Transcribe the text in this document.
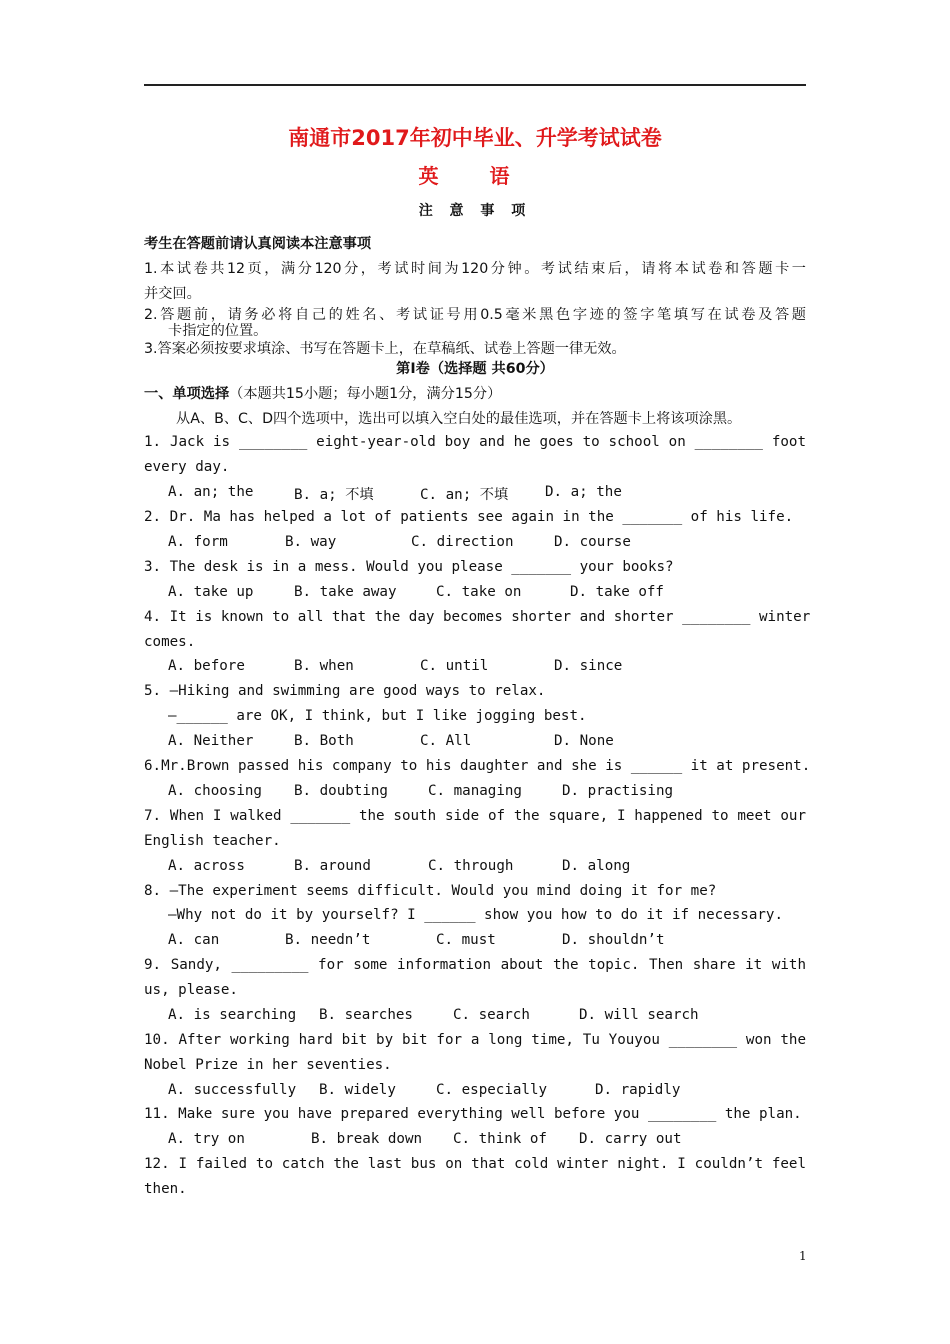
南通市2017年初中毕业、升学考试试卷
英 语
注 意 事 项
考生在答题前请认真阅读本注意事项
1.本试卷共12页，满分120分，考试时间为120分钟。考试结束后，请将本试卷和答题卡一
并交回。
2.答题前，请务必将自己的姓名、考试证号用0.5毫米黑色字迹的签字笔填写在试卷及答题
卡指定的位置。
3.答案必须按要求填涂、书写在答题卡上，在草稿纸、试卷上答题一律无效。
第Ⅰ卷（选择题 共60分）
一、单项选择（本题共15小题；每小题1分，满分15分）
从A、B、C、D四个选项中，选出可以填入空白处的最佳选项，并在答题卡上将该项涂黑。
1. Jack is ________ eight-year-old boy and he goes to school on ________ foot
every day.
A. an; the	B. a; 不填	C. an; 不填	D. a; the
2. Dr. Ma has helped a lot of patients see again in the _______ of his life.
A. form	B. way	C. direction	D. course
3. The desk is in a mess. Would you please _______ your books?
A. take up	B. take away	C. take on	D. take off
4. It is known to all that the day becomes shorter and shorter ________ winter
comes.
A. before	B. when	C. until	D. since
5. —Hiking and swimming are good ways to relax.
—______ are OK, I think, but I like jogging best.
A. Neither	B. Both	C. All	D. None
6.Mr.Brown passed his company to his daughter and she is ______ it at present.
A. choosing B. doubting	C. managing	D. practising
7. When I walked _______ the south side of the square, I happened to meet our
English teacher.
A. across	B. around	C. through	D. along
8. —The experiment seems difficult. Would you mind doing it for me?
—Why not do it by yourself? I ______ show you how to do it if necessary.
A. can	B. needn’t	C. must	D. shouldn’t
9. Sandy, _________ for some information about the topic. Then share it with
us, please.
A. is searching B. searches	C. search	D. will search
10. After working hard bit by bit for a long time, Tu Youyou ________ won the
Nobel Prize in her seventies.
A. successfully B. widely	C. especially	D. rapidly
11. Make sure you have prepared everything well before you ________ the plan.
A. try on	B. break down C. think of D. carry out
12. I failed to catch the last bus on that cold winter night. I couldn’t feel
then.
1
